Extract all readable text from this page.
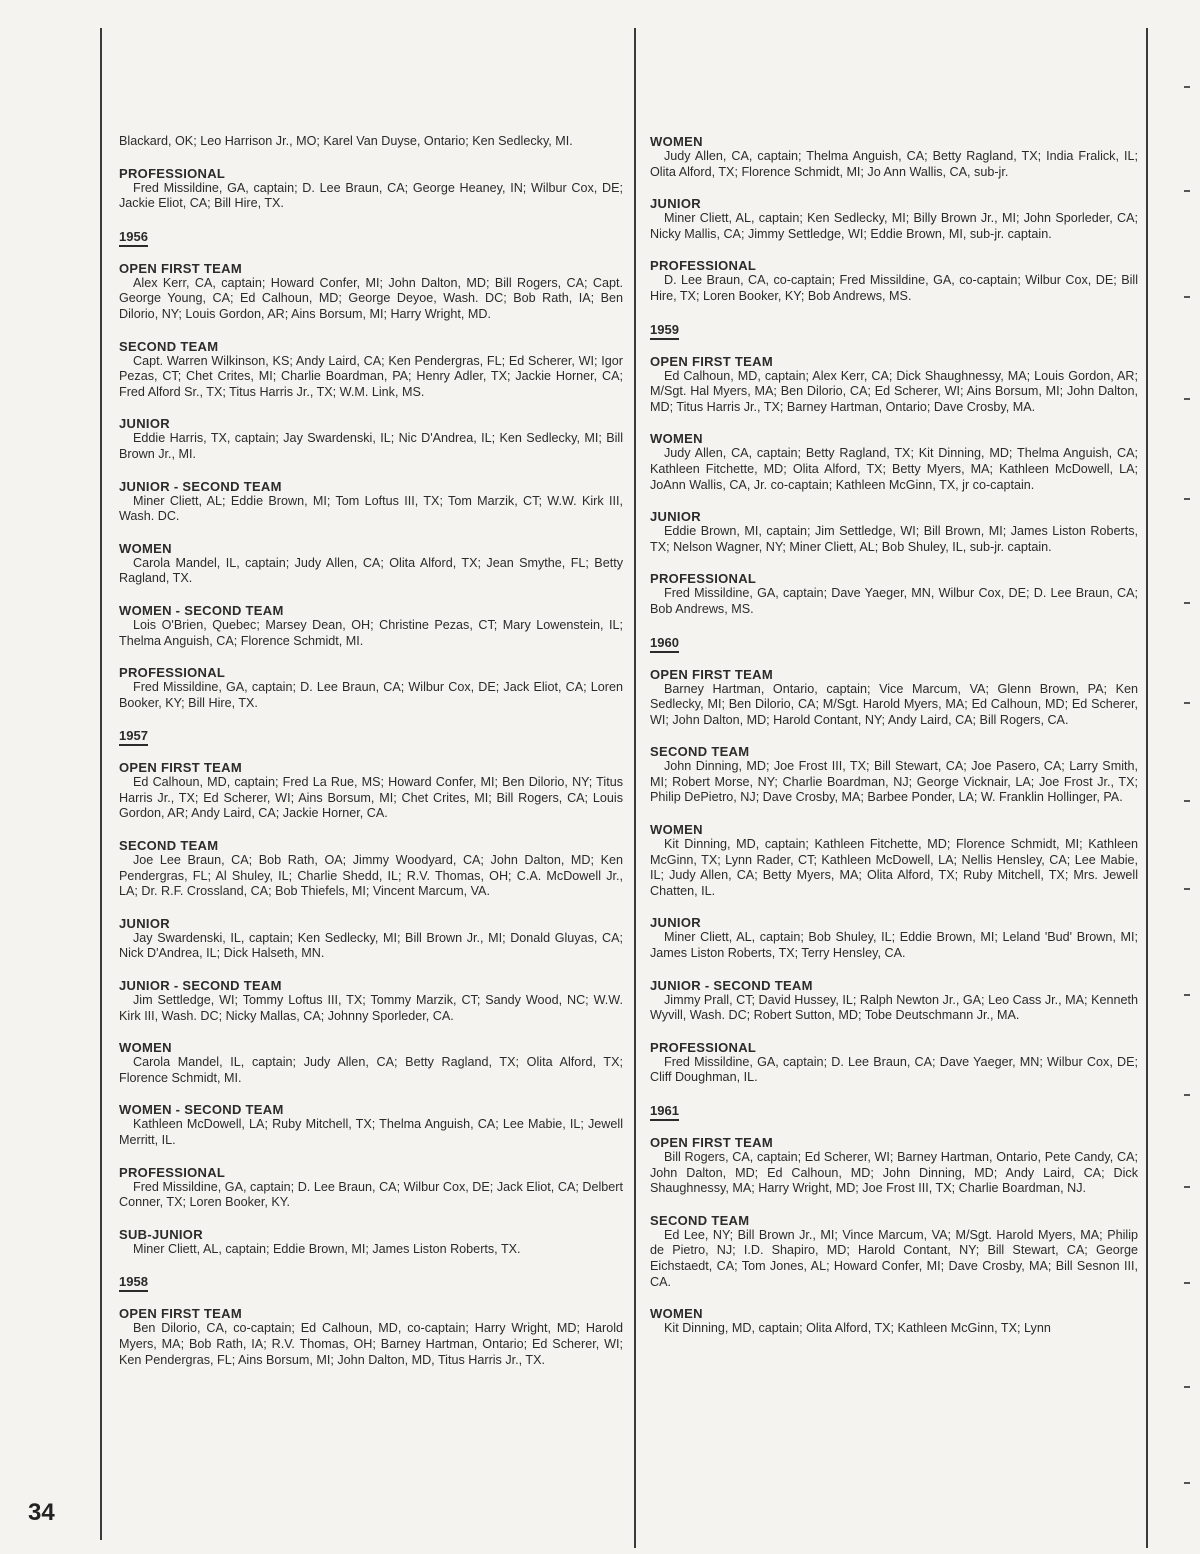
Blackard, OK; Leo Harrison Jr., MO; Karel Van Duyse, Ontario; Ken Sedlecky, MI.

PROFESSIONAL

Fred Missildine, GA, captain; D. Lee Braun, CA; George Heaney, IN; Wilbur Cox, DE; Jackie Eliot, CA; Bill Hire, TX.

1956

OPEN FIRST TEAM

Alex Kerr, CA, captain; Howard Confer, MI; John Dalton, MD; Bill Rogers, CA; Capt. George Young, CA; Ed Calhoun, MD; George Deyoe, Wash. DC; Bob Rath, IA; Ben Dilorio, NY; Louis Gordon, AR; Ains Borsum, MI; Harry Wright, MD.

SECOND TEAM

Capt. Warren Wilkinson, KS; Andy Laird, CA; Ken Pendergras, FL; Ed Scherer, WI; Igor Pezas, CT; Chet Crites, MI; Charlie Boardman, PA; Henry Adler, TX; Jackie Horner, CA; Fred Alford Sr., TX; Titus Harris Jr., TX; W.M. Link, MS.

JUNIOR

Eddie Harris, TX, captain; Jay Swardenski, IL; Nic D'Andrea, IL; Ken Sedlecky, MI; Bill Brown Jr., MI.

JUNIOR - SECOND TEAM

Miner Cliett, AL; Eddie Brown, MI; Tom Loftus III, TX; Tom Marzik, CT; W.W. Kirk III, Wash. DC.

WOMEN

Carola Mandel, IL, captain; Judy Allen, CA; Olita Alford, TX; Jean Smythe, FL; Betty Ragland, TX.

WOMEN - SECOND TEAM

Lois O'Brien, Quebec; Marsey Dean, OH; Christine Pezas, CT; Mary Lowenstein, IL; Thelma Anguish, CA; Florence Schmidt, MI.

PROFESSIONAL

Fred Missildine, GA, captain; D. Lee Braun, CA; Wilbur Cox, DE; Jack Eliot, CA; Loren Booker, KY; Bill Hire, TX.

1957

OPEN FIRST TEAM

Ed Calhoun, MD, captain; Fred La Rue, MS; Howard Confer, MI; Ben Dilorio, NY; Titus Harris Jr., TX; Ed Scherer, WI; Ains Borsum, MI; Chet Crites, MI; Bill Rogers, CA; Louis Gordon, AR; Andy Laird, CA; Jackie Horner, CA.

SECOND TEAM

Joe Lee Braun, CA; Bob Rath, OA; Jimmy Woodyard, CA; John Dalton, MD; Ken Pendergras, FL; Al Shuley, IL; Charlie Shedd, IL; R.V. Thomas, OH; C.A. McDowell Jr., LA; Dr. R.F. Crossland, CA; Bob Thiefels, MI; Vincent Marcum, VA.

JUNIOR

Jay Swardenski, IL, captain; Ken Sedlecky, MI; Bill Brown Jr., MI; Donald Gluyas, CA; Nick D'Andrea, IL; Dick Halseth, MN.

JUNIOR - SECOND TEAM

Jim Settledge, WI; Tommy Loftus III, TX; Tommy Marzik, CT; Sandy Wood, NC; W.W. Kirk III, Wash. DC; Nicky Mallas, CA; Johnny Sporleder, CA.

WOMEN

Carola Mandel, IL, captain; Judy Allen, CA; Betty Ragland, TX; Olita Alford, TX; Florence Schmidt, MI.

WOMEN - SECOND TEAM

Kathleen McDowell, LA; Ruby Mitchell, TX; Thelma Anguish, CA; Lee Mabie, IL; Jewell Merritt, IL.

PROFESSIONAL

Fred Missildine, GA, captain; D. Lee Braun, CA; Wilbur Cox, DE; Jack Eliot, CA; Delbert Conner, TX; Loren Booker, KY.

SUB-JUNIOR

Miner Cliett, AL, captain; Eddie Brown, MI; James Liston Roberts, TX.

1958

OPEN FIRST TEAM

Ben Dilorio, CA, co-captain; Ed Calhoun, MD, co-captain; Harry Wright, MD; Harold Myers, MA; Bob Rath, IA; R.V. Thomas, OH; Barney Hartman, Ontario; Ed Scherer, WI; Ken Pendergras, FL; Ains Borsum, MI; John Dalton, MD, Titus Harris Jr., TX.

WOMEN

Judy Allen, CA, captain; Thelma Anguish, CA; Betty Ragland, TX; India Fralick, IL; Olita Alford, TX; Florence Schmidt, MI; Jo Ann Wallis, CA, sub-jr.

JUNIOR

Miner Cliett, AL, captain; Ken Sedlecky, MI; Billy Brown Jr., MI; John Sporleder, CA; Nicky Mallis, CA; Jimmy Settledge, WI; Eddie Brown, MI, sub-jr. captain.

PROFESSIONAL

D. Lee Braun, CA, co-captain; Fred Missildine, GA, co-captain; Wilbur Cox, DE; Bill Hire, TX; Loren Booker, KY; Bob Andrews, MS.

1959

OPEN FIRST TEAM

Ed Calhoun, MD, captain; Alex Kerr, CA; Dick Shaughnessy, MA; Louis Gordon, AR; M/Sgt. Hal Myers, MA; Ben Dilorio, CA; Ed Scherer, WI; Ains Borsum, MI; John Dalton, MD; Titus Harris Jr., TX; Barney Hartman, Ontario; Dave Crosby, MA.

WOMEN

Judy Allen, CA, captain; Betty Ragland, TX; Kit Dinning, MD; Thelma Anguish, CA; Kathleen Fitchette, MD; Olita Alford, TX; Betty Myers, MA; Kathleen McDowell, LA; JoAnn Wallis, CA, Jr. co-captain; Kathleen McGinn, TX, jr co-captain.

JUNIOR

Eddie Brown, MI, captain; Jim Settledge, WI; Bill Brown, MI; James Liston Roberts, TX; Nelson Wagner, NY; Miner Cliett, AL; Bob Shuley, IL, sub-jr. captain.

PROFESSIONAL

Fred Missildine, GA, captain; Dave Yaeger, MN, Wilbur Cox, DE; D. Lee Braun, CA; Bob Andrews, MS.

1960

OPEN FIRST TEAM

Barney Hartman, Ontario, captain; Vice Marcum, VA; Glenn Brown, PA; Ken Sedlecky, MI; Ben Dilorio, CA; M/Sgt. Harold Myers, MA; Ed Calhoun, MD; Ed Scherer, WI; John Dalton, MD; Harold Contant, NY; Andy Laird, CA; Bill Rogers, CA.

SECOND TEAM

John Dinning, MD; Joe Frost III, TX; Bill Stewart, CA; Joe Pasero, CA; Larry Smith, MI; Robert Morse, NY; Charlie Boardman, NJ; George Vicknair, LA; Joe Frost Jr., TX; Philip DePietro, NJ; Dave Crosby, MA; Barbee Ponder, LA; W. Franklin Hollinger, PA.

WOMEN

Kit Dinning, MD, captain; Kathleen Fitchette, MD; Florence Schmidt, MI; Kathleen McGinn, TX; Lynn Rader, CT; Kathleen McDowell, LA; Nellis Hensley, CA; Lee Mabie, IL; Judy Allen, CA; Betty Myers, MA; Olita Alford, TX; Ruby Mitchell, TX; Mrs. Jewell Chatten, IL.

JUNIOR

Miner Cliett, AL, captain; Bob Shuley, IL; Eddie Brown, MI; Leland 'Bud' Brown, MI; James Liston Roberts, TX; Terry Hensley, CA.

JUNIOR - SECOND TEAM

Jimmy Prall, CT; David Hussey, IL; Ralph Newton Jr., GA; Leo Cass Jr., MA; Kenneth Wyvill, Wash. DC; Robert Sutton, MD; Tobe Deutschmann Jr., MA.

PROFESSIONAL

Fred Missildine, GA, captain; D. Lee Braun, CA; Dave Yaeger, MN; Wilbur Cox, DE; Cliff Doughman, IL.

1961

OPEN FIRST TEAM

Bill Rogers, CA, captain; Ed Scherer, WI; Barney Hartman, Ontario, Pete Candy, CA; John Dalton, MD; Ed Calhoun, MD; John Dinning, MD; Andy Laird, CA; Dick Shaughnessy, MA; Harry Wright, MD; Joe Frost III, TX; Charlie Boardman, NJ.

SECOND TEAM

Ed Lee, NY; Bill Brown Jr., MI; Vince Marcum, VA; M/Sgt. Harold Myers, MA; Philip de Pietro, NJ; I.D. Shapiro, MD; Harold Contant, NY; Bill Stewart, CA; George Eichstaedt, CA; Tom Jones, AL; Howard Confer, MI; Dave Crosby, MA; Bill Sesnon III, CA.

WOMEN

Kit Dinning, MD, captain; Olita Alford, TX; Kathleen McGinn, TX; Lynn

34
